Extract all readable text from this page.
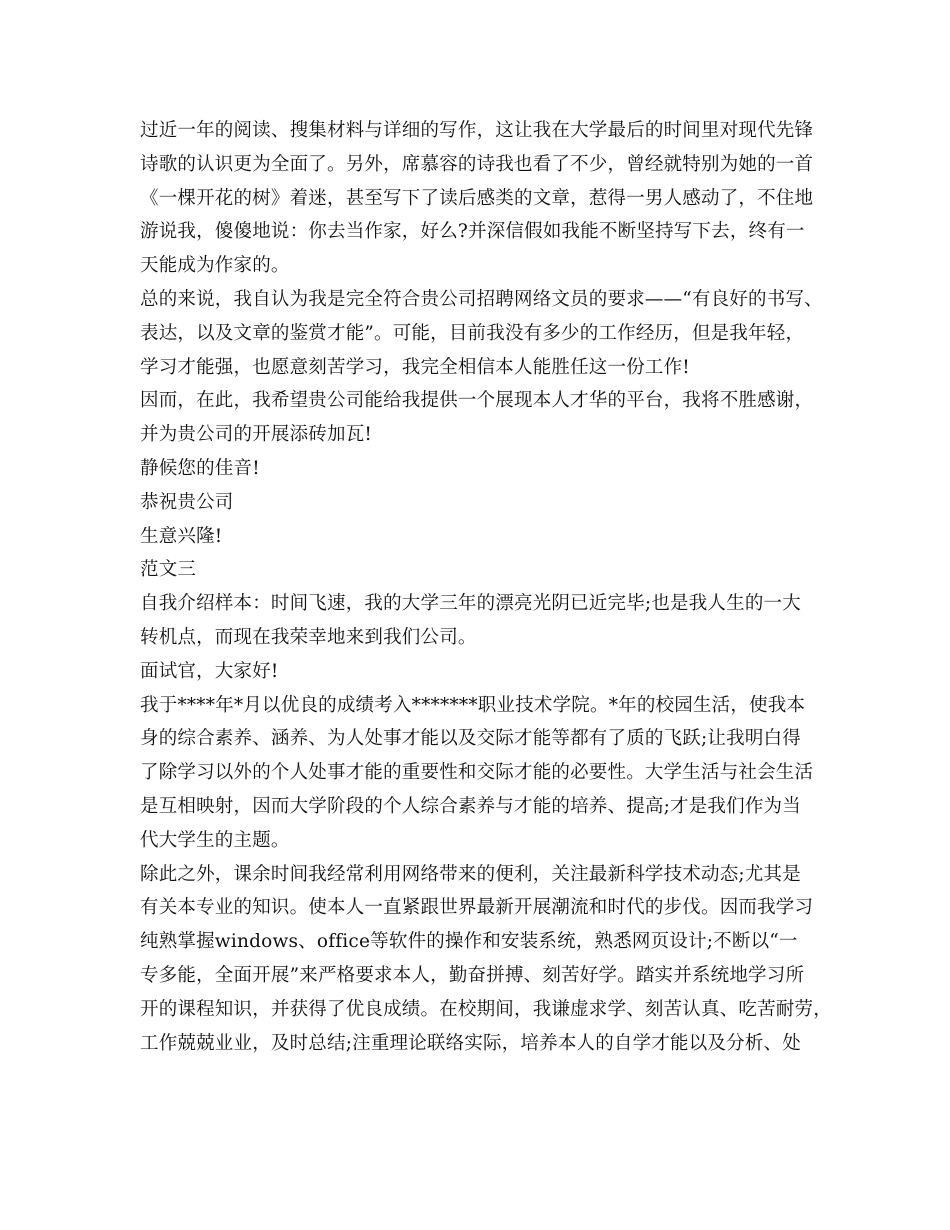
过近一年的阅读、搜集材料与详细的写作，这让我在大学最后的时间里对现代先锋
诗歌的认识更为全面了。另外，席慕容的诗我也看了不少，曾经就特别为她的一首
《一棵开花的树》着迷，甚至写下了读后感类的文章，惹得一男人感动了，不住地
游说我，傻傻地说：你去当作家，好么?并深信假如我能不断坚持写下去，终有一
天能成为作家的。
总的来说，我自认为我是完全符合贵公司招聘网络文员的要求——“有良好的书写、
表达，以及文章的鉴赏才能”。可能，目前我没有多少的工作经历，但是我年轻，
学习才能强，也愿意刻苦学习，我完全相信本人能胜任这一份工作!
因而，在此，我希望贵公司能给我提供一个展现本人才华的平台，我将不胜感谢，
并为贵公司的开展添砖加瓦!
静候您的佳音!
恭祝贵公司
生意兴隆!
范文三
自我介绍样本：时间飞速，我的大学三年的漂亮光阴已近完毕;也是我人生的一大
转机点，而现在我荣幸地来到我们公司。
面试官，大家好!
我于****年*月以优良的成绩考入*******职业技术学院。*年的校园生活，使我本
身的综合素养、涵养、为人处事才能以及交际才能等都有了质的飞跃;让我明白得
了除学习以外的个人处事才能的重要性和交际才能的必要性。大学生活与社会生活
是互相映射，因而大学阶段的个人综合素养与才能的培养、提高;才是我们作为当
代大学生的主题。
除此之外，课余时间我经常利用网络带来的便利，关注最新科学技术动态;尤其是
有关本专业的知识。使本人一直紧跟世界最新开展潮流和时代的步伐。因而我学习
纯熟掌握windows、office等软件的操作和安装系统，熟悉网页设计;不断以“一
专多能，全面开展”来严格要求本人，勤奋拼搏、刻苦好学。踏实并系统地学习所
开的课程知识，并获得了优良成绩。在校期间，我谦虚求学、刻苦认真、吃苦耐劳，
工作兢兢业业，及时总结;注重理论联络实际，培养本人的自学才能以及分析、处
